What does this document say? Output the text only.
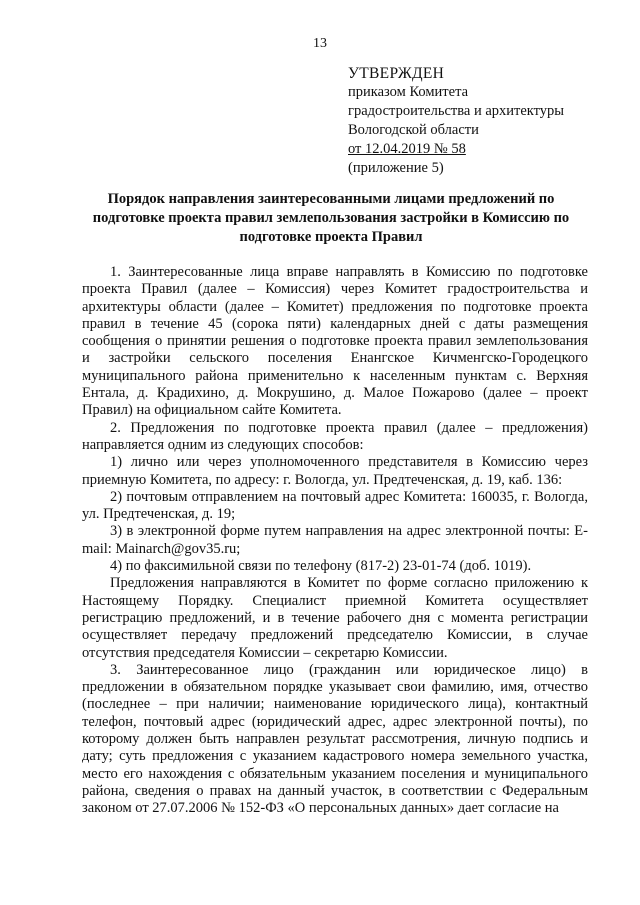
13
УТВЕРЖДЕН
приказом Комитета
градостроительства и архитектуры
Вологодской области
от 12.04.2019 № 58
(приложение 5)
Порядок направления заинтересованными лицами предложений по подготовке проекта правил землепользования застройки в Комиссию по подготовке проекта Правил

1. Заинтересованные лица вправе направлять в Комиссию по подготовке проекта Правил (далее – Комиссия) через Комитет градостроительства и архитектуры области (далее – Комитет) предложения по подготовке проекта правил в течение 45 (сорока пяти) календарных дней с даты размещения сообщения о принятии решения о подготовке проекта правил землепользования и застройки сельского поселения Енангское Кичменгско-Городецкого муниципального района применительно к населенным пунктам с. Верхняя Ентала, д. Крадихино, д. Мокрушино, д. Малое Пожарово (далее – проект Правил) на официальном сайте Комитета.

2. Предложения по подготовке проекта правил (далее – предложения) направляется одним из следующих способов:

1) лично или через уполномоченного представителя в Комиссию через приемную Комитета, по адресу: г. Вологда, ул. Предтеченская, д. 19, каб. 136:

2) почтовым отправлением на почтовый адрес Комитета: 160035, г. Вологда, ул. Предтеченская, д. 19;

3) в электронной форме путем направления на адрес электронной почты: E-mail: Mainarch@gov35.ru;

4) по факсимильной связи по телефону (817-2) 23-01-74 (доб. 1019).

Предложения направляются в Комитет по форме согласно приложению к Настоящему Порядку. Специалист приемной Комитета осуществляет регистрацию предложений, и в течение рабочего дня с момента регистрации осуществляет передачу предложений председателю Комиссии, в случае отсутствия председателя Комиссии – секретарю Комиссии.

3. Заинтересованное лицо (гражданин или юридическое лицо) в предложении в обязательном порядке указывает свои фамилию, имя, отчество (последнее – при наличии; наименование юридического лица), контактный телефон, почтовый адрес (юридический адрес, адрес электронной почты), по которому должен быть направлен результат рассмотрения, личную подпись и дату; суть предложения с указанием кадастрового номера земельного участка, место его нахождения с обязательным указанием поселения и муниципального района, сведения о правах на данный участок, в соответствии с Федеральным законом от 27.07.2006 № 152-ФЗ «О персональных данных» дает согласие на
